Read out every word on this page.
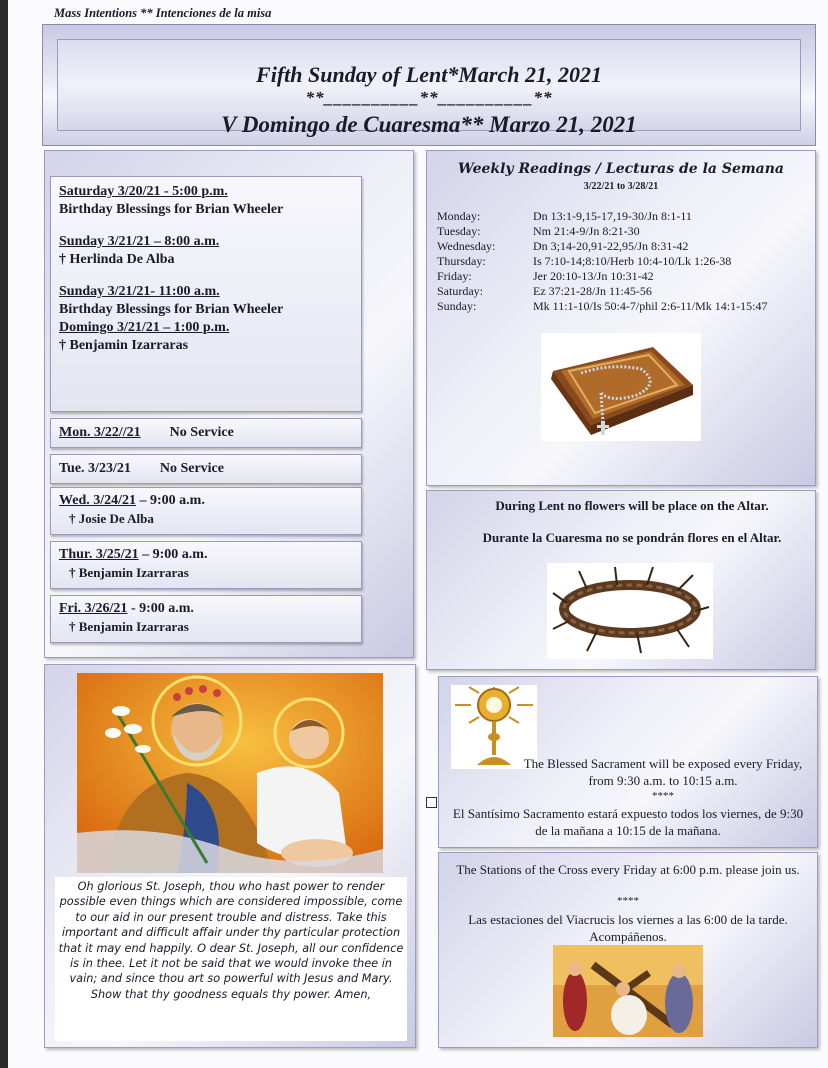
Fifth Sunday of Lent*March 21, 2021
**__________**__________**
V Domingo de Cuaresma** Marzo 21, 2021
Mass Intentions ** Intenciones de la misa

Saturday 3/20/21 - 5:00 p.m.

Birthday Blessings for Brian Wheeler

Sunday 3/21/21 – 8:00 a.m.

† Herlinda De Alba

Sunday 3/21/21- 11:00 a.m.

Birthday Blessings for Brian Wheeler

Domingo 3/21/21 – 1:00 p.m.

† Benjamin Izarraras

Mon. 3/22//21 No Service
Tue. 3/23/21 No Service

Wed. 3/24/21 – 9:00 a.m.

† Josie De Alba

Thur. 3/25/21 – 9:00 a.m.

† Benjamin Izarraras

Fri. 3/26/21 - 9:00 a.m.

† Benjamin Izarraras

Weekly Readings / Lecturas de la Semana
3/22/21 to 3/28/21
Monday:	Dn 13:1-9,15-17,19-30/Jn 8:1-11
Tuesday:	Nm 21:4-9/Jn 8:21-30
Wednesday:	Dn 3;14-20,91-22,95/Jn 8:31-42
Thursday:	Is 7:10-14;8:10/Herb 10:4-10/Lk 1:26-38
Friday:	Jer 20:10-13/Jn 10:31-42
Saturday:	Ez 37:21-28/Jn 11:45-56
Sunday:	Mk 11:1-10/Is 50:4-7/phil 2:6-11/Mk 14:1-15:47
During Lent no flowers will be place on the Altar.
Durante la Cuaresma no se pondrán flores en el Altar.
Oh glorious St. Joseph, thou who hast power to render possible even things which are considered impossible, come to our aid in our present trouble and distress. Take this important and difficult affair under thy particular protection that it may end happily. O dear St. Joseph, all our confidence is in thee. Let it not be said that we would invoke thee in vain; and since thou art so powerful with Jesus and Mary. Show that thy goodness equals thy power. Amen,
The Blessed Sacrament will be exposed every Friday, from 9:30 a.m. to 10:15 a.m.
****
El Santísimo Sacramento estará expuesto todos los viernes, de 9:30 de la mañana a 10:15 de la mañana.
The Stations of the Cross every Friday at 6:00 p.m. please join us.
****
Las estaciones del Viacrucis los viernes a las 6:00 de la tarde. Acompáñenos.
